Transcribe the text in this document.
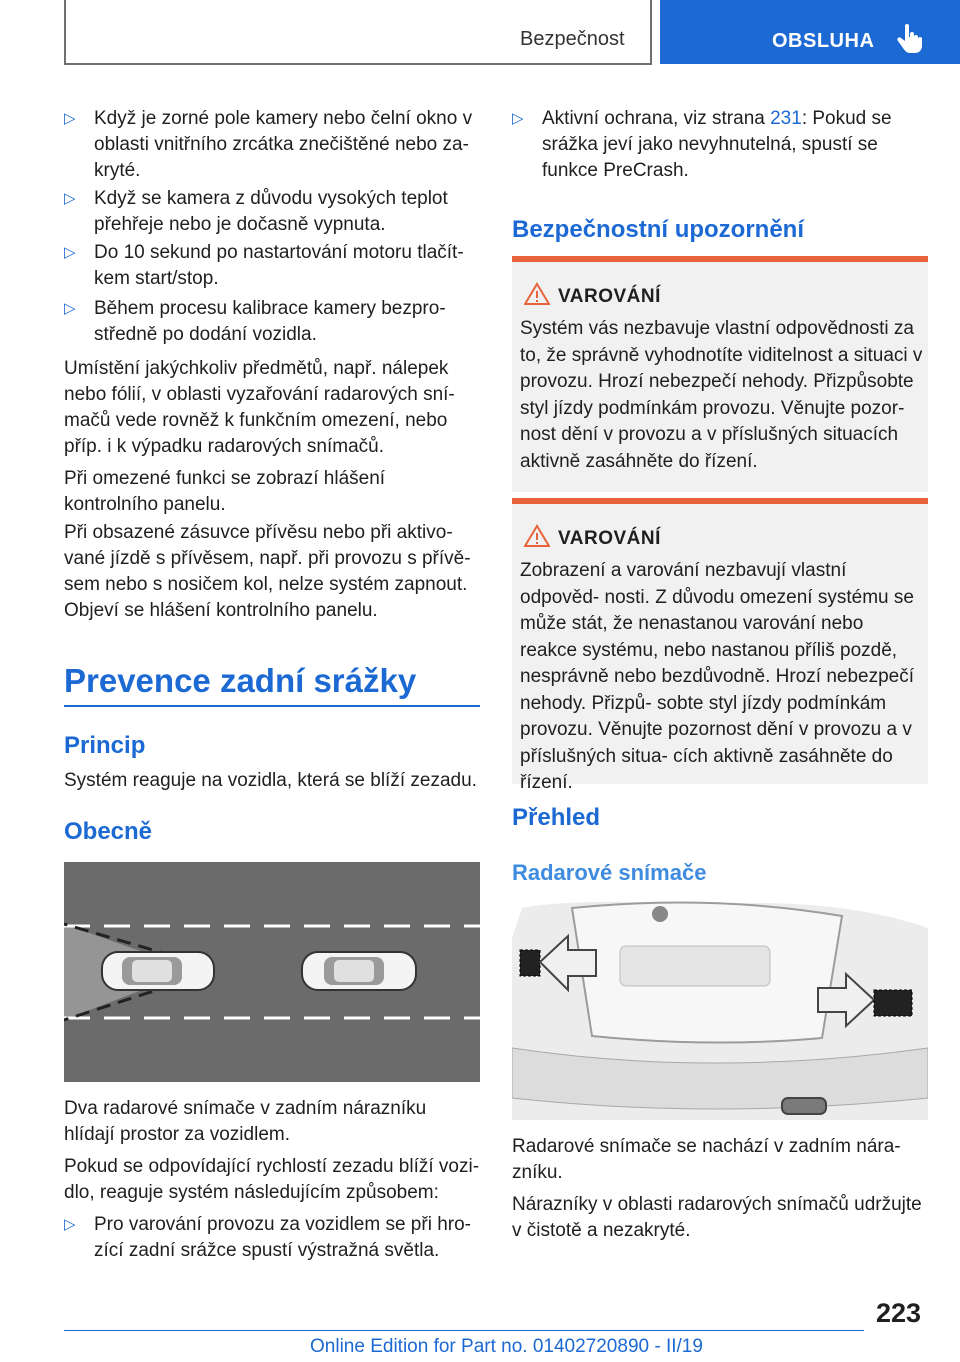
Bezpečnost	OBSLUHA
▷ Když je zorné pole kamery nebo čelní okno v oblasti vnitřního zrcátka znečištěné nebo za‐ kryté.
▷ Když se kamera z důvodu vysokých teplot přehřeje nebo je dočasně vypnuta.
▷ Do 10 sekund po nastartování motoru tlačít‐ kem start/stop.
▷ Během procesu kalibrace kamery bezpro‐ středně po dodání vozidla.
Umístění jakýchkoliv předmětů, např. nálepek nebo fólií, v oblasti vyzařování radarových sní‐ mačů vede rovněž k funkčním omezení, nebo příp. i k výpadku radarových snímačů.
Při omezené funkci se zobrazí hlášení kontrolního panelu.
Při obsazené zásuvce přívěsu nebo při aktivo‐ vané jízdě s přívěsem, např. při provozu s přívě‐ sem nebo s nosičem kol, nelze systém zapnout. Objeví se hlášení kontrolního panelu.
Prevence zadní srážky
Princip
Systém reaguje na vozidla, která se blíží zezadu.
Obecně
Dva radarové snímače v zadním nárazníku hlídají prostor za vozidlem.
Pokud se odpovídající rychlostí zezadu blíží vozi‐ dlo, reaguje systém následujícím způsobem:
▷ Pro varování provozu za vozidlem se při hro‐ zící zadní srážce spustí výstražná světla.
▷ Aktivní ochrana, viz strana 231: Pokud se srážka jeví jako nevyhnutelná, spustí se funkce PreCrash.
Bezpečnostní upozornění
VAROVÁNÍ
Systém vás nezbavuje vlastní odpovědnosti za to, že správně vyhodnotíte viditelnost a situaci v provozu. Hrozí nebezpečí nehody. Přizpůsobte styl jízdy podmínkám provozu. Věnujte pozor‐ nost dění v provozu a v příslušných situacích aktivně zasáhněte do řízení.
VAROVÁNÍ
Zobrazení a varování nezbavují vlastní odpověd‐ nosti. Z důvodu omezení systému se může stát, že nenastanou varování nebo reakce systému, nebo nastanou příliš pozdě, nesprávně nebo bezdůvodně. Hrozí nebezpečí nehody. Přizpů‐ sobte styl jízdy podmínkám provozu. Věnujte pozornost dění v provozu a v příslušných situa‐ cích aktivně zasáhněte do řízení.
Přehled
Radarové snímače
Radarové snímače se nachází v zadním nára‐ zníku.
Nárazníky v oblasti radarových snímačů udržujte v čistotě a nezakryté.
223
Online Edition for Part no. 01402720890 - II/19
